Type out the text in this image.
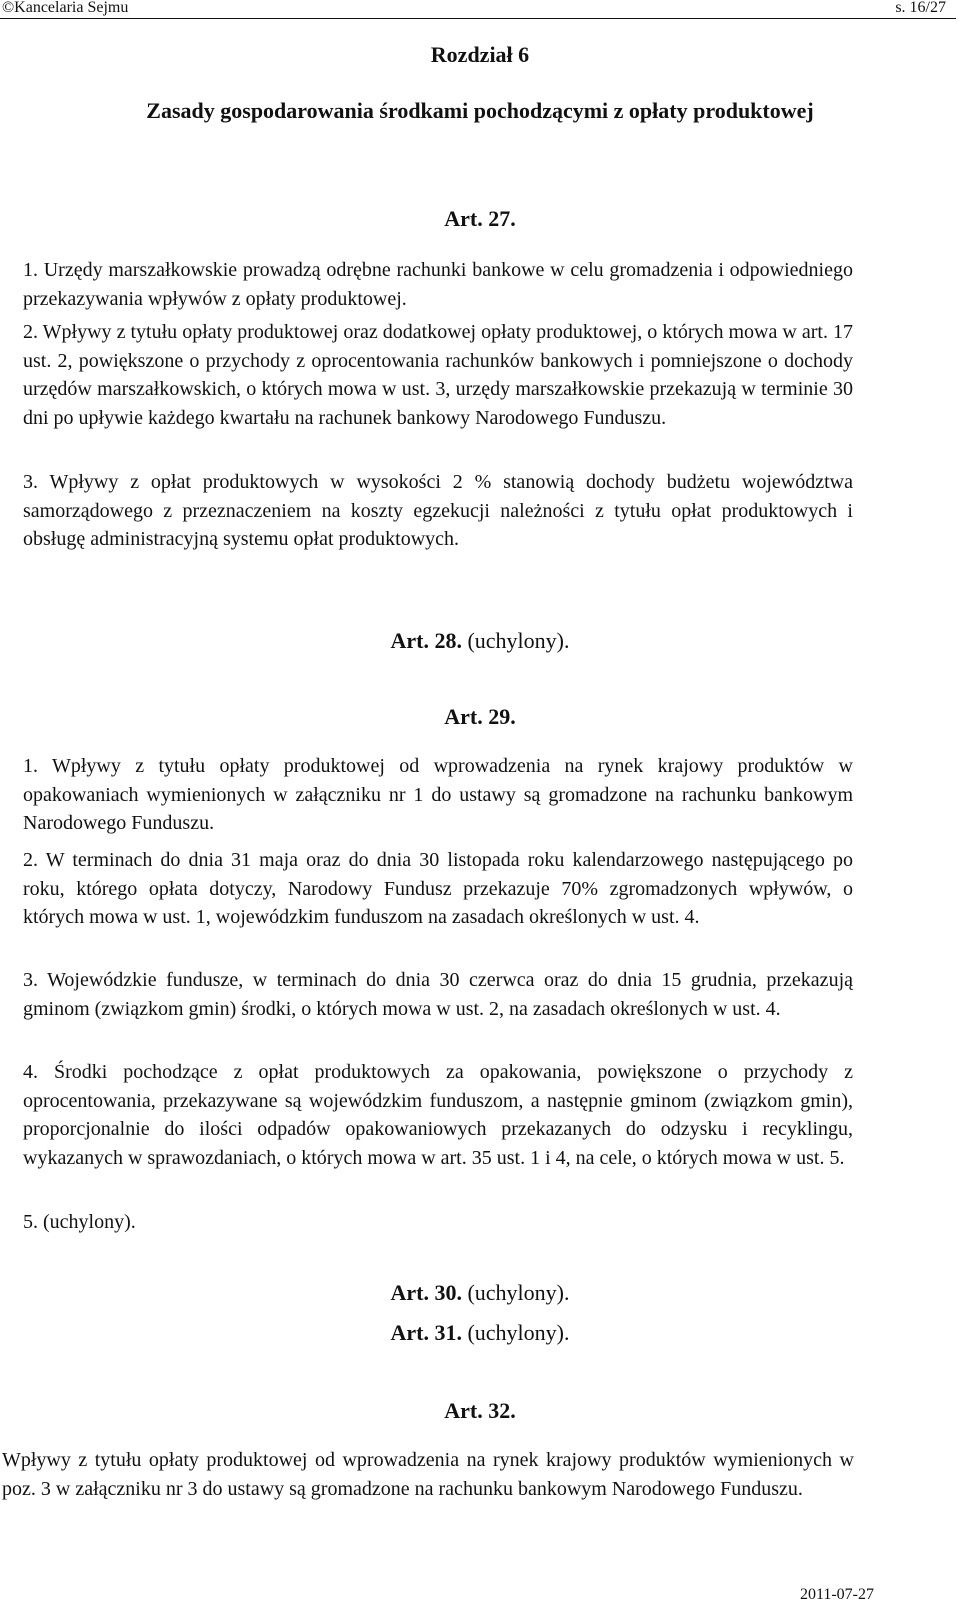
©Kancelaria Sejmu	s. 16/27
Rozdział 6
Zasady gospodarowania środkami pochodzącymi z opłaty produktowej
Art. 27.

1. Urzędy marszałkowskie prowadzą odrębne rachunki bankowe w celu gromadzenia i odpowiedniego przekazywania wpływów z opłaty produktowej.

2. Wpływy z tytułu opłaty produktowej oraz dodatkowej opłaty produktowej, o których mowa w art. 17 ust. 2, powiększone o przychody z oprocentowania rachunków bankowych i pomniejszone o dochody urzędów marszałkowskich, o których mowa w ust. 3, urzędy marszałkowskie przekazują w terminie 30 dni po upływie każdego kwartału na rachunek bankowy Narodowego Funduszu.

3. Wpływy z opłat produktowych w wysokości 2 % stanowią dochody budżetu województwa samorządowego z przeznaczeniem na koszty egzekucji należności z tytułu opłat produktowych i obsługę administracyjną systemu opłat produktowych.

Art. 28. (uchylony).
Art. 29.

1. Wpływy z tytułu opłaty produktowej od wprowadzenia na rynek krajowy produktów w opakowaniach wymienionych w załączniku nr 1 do ustawy są gromadzone na rachunku bankowym Narodowego Funduszu.

2. W terminach do dnia 31 maja oraz do dnia 30 listopada roku kalendarzowego następującego po roku, którego opłata dotyczy, Narodowy Fundusz przekazuje 70% zgromadzonych wpływów, o których mowa w ust. 1, wojewódzkim funduszom na zasadach określonych w ust. 4.

3. Wojewódzkie fundusze, w terminach do dnia 30 czerwca oraz do dnia 15 grudnia, przekazują gminom (związkom gmin) środki, o których mowa w ust. 2, na zasadach określonych w ust. 4.

4. Środki pochodzące z opłat produktowych za opakowania, powiększone o przychody z oprocentowania, przekazywane są wojewódzkim funduszom, a następnie gminom (związkom gmin), proporcjonalnie do ilości odpadów opakowaniowych przekazanych do odzysku i recyklingu, wykazanych w sprawozdaniach, o których mowa w art. 35 ust. 1 i 4, na cele, o których mowa w ust. 5.

5. (uchylony).

Art. 30. (uchylony).
Art. 31. (uchylony).
Art. 32.

Wpływy z tytułu opłaty produktowej od wprowadzenia na rynek krajowy produktów wymienionych w poz. 3 w załączniku nr 3 do ustawy są gromadzone na rachunku bankowym Narodowego Funduszu.

2011-07-27
